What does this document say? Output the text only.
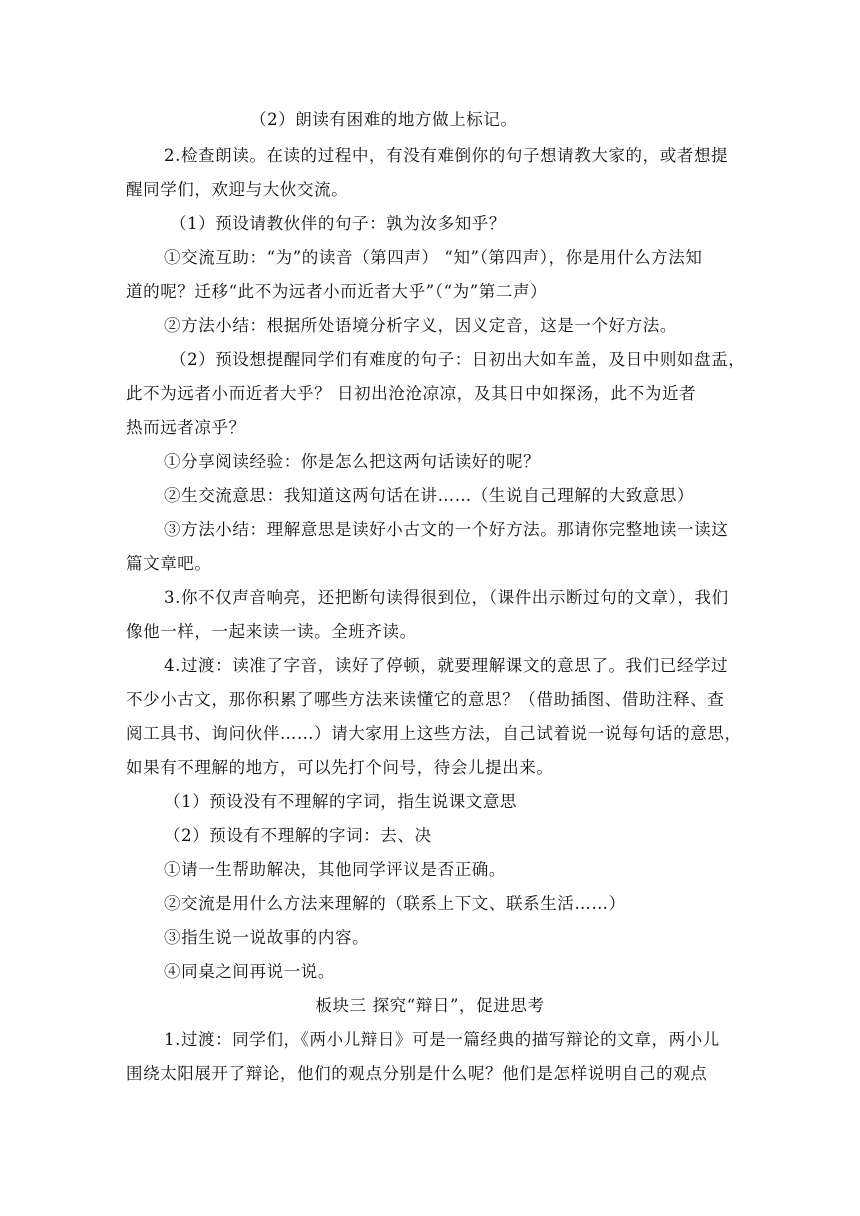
（2）朗读有困难的地方做上标记。
2.检查朗读。在读的过程中，有没有难倒你的句子想请教大家的，或者想提
醒同学们，欢迎与大伙交流。
（1）预设请教伙伴的句子：孰为汝多知乎？
①交流互助：“为”的读音（第四声） “知”（第四声），你是用什么方法知
道的呢？迁移“此不为远者小而近者大乎”（“为”第二声）
②方法小结：根据所处语境分析字义，因义定音，这是一个好方法。
（2）预设想提醒同学们有难度的句子：日初出大如车盖，及日中则如盘盂，
此不为远者小而近者大乎？ 日初出沧沧凉凉，及其日中如探汤，此不为近者
热而远者凉乎？
①分享阅读经验：你是怎么把这两句话读好的呢？
②生交流意思：我知道这两句话在讲……（生说自己理解的大致意思）
③方法小结：理解意思是读好小古文的一个好方法。那请你完整地读一读这
篇文章吧。
3.你不仅声音响亮，还把断句读得很到位，（课件出示断过句的文章），我们
像他一样，一起来读一读。全班齐读。
4.过渡：读准了字音，读好了停顿，就要理解课文的意思了。我们已经学过
不少小古文，那你积累了哪些方法来读懂它的意思？（借助插图、借助注释、查
阅工具书、询问伙伴……）请大家用上这些方法，自己试着说一说每句话的意思，
如果有不理解的地方，可以先打个问号，待会儿提出来。
（1）预设没有不理解的字词，指生说课文意思
（2）预设有不理解的字词：去、决
①请一生帮助解决，其他同学评议是否正确。
②交流是用什么方法来理解的（联系上下文、联系生活……）
③指生说一说故事的内容。
④同桌之间再说一说。
板块三 探究“辩日”，促进思考
1.过渡：同学们，《两小儿辩日》可是一篇经典的描写辩论的文章，两小儿
围绕太阳展开了辩论，他们的观点分别是什么呢？他们是怎样说明自己的观点
